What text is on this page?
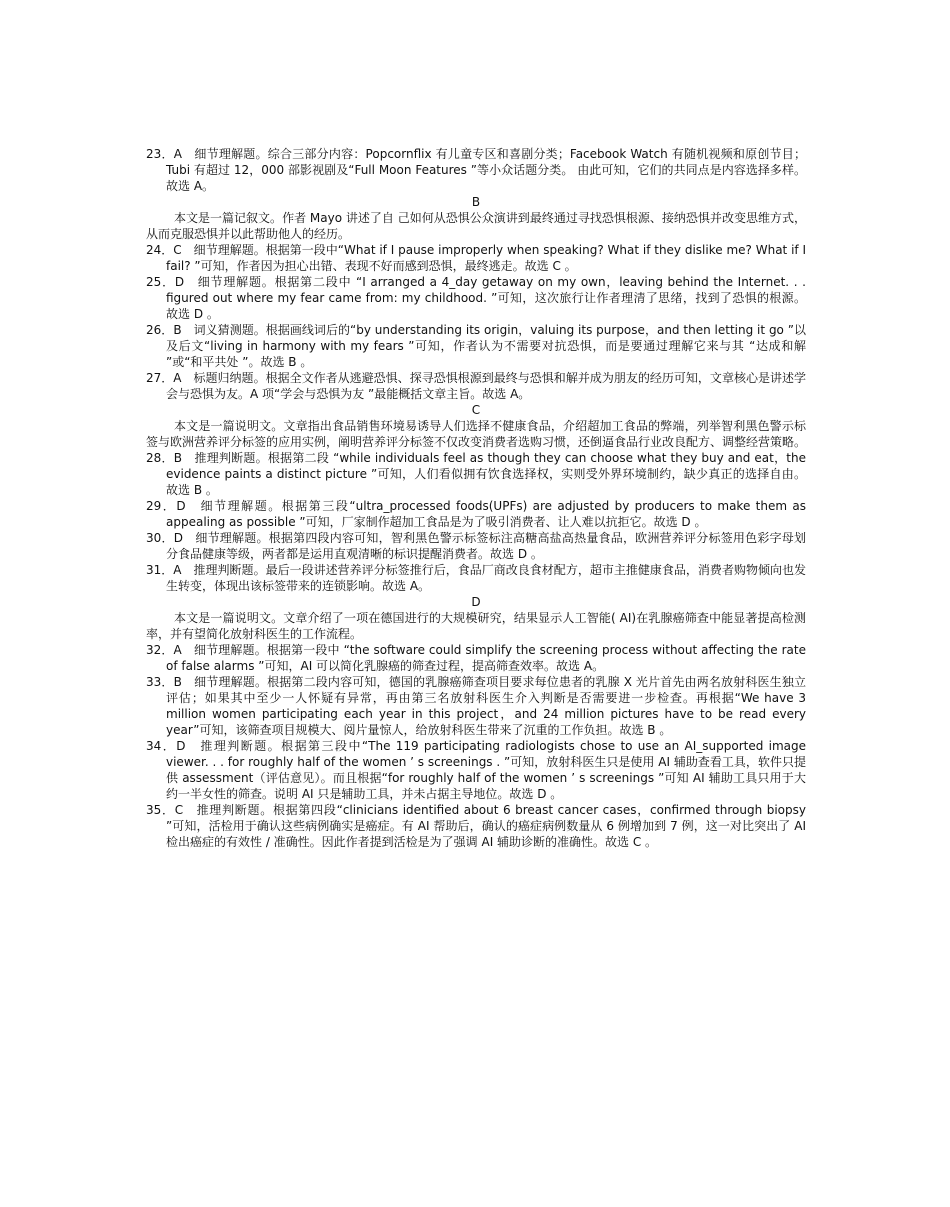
23．A　细节理解题。综合三部分内容：Popcornflix 有儿童专区和喜剧分类；Facebook Watch 有随机视频和原创节目；Tubi 有超过 12，000 部影视剧及“Full Moon Features ”等小众话题分类。 由此可知，它们的共同点是内容选择多样。故选 A。

B

本文是一篇记叙文。作者 Mayo 讲述了自 己如何从恐惧公众演讲到最终通过寻找恐惧根源、接纳恐惧并改变思维方式，从而克服恐惧并以此帮助他人的经历。

24．C　细节理解题。根据第一段中“What if I pause improperly when speaking? What if they dislike me? What if I fail? ”可知，作者因为担心出错、表现不好而感到恐惧，最终逃走。故选 C 。

25．D　细节理解题。根据第二段中 “I arranged a 4_day getaway on my own，leaving behind the Internet. . . figured out where my fear came from: my childhood. ”可知，这次旅行让作者理清了思绪，找到了恐惧的根源。故选 D 。

26．B　词义猜测题。根据画线词后的“by understanding its origin，valuing its purpose，and then letting it go ”以及后文“living in harmony with my fears ”可知，作者认为不需要对抗恐惧，而是要通过理解它来与其 “达成和解 ”或“和平共处 ”。故选 B 。

27．A　标题归纳题。根据全文作者从逃避恐惧、探寻恐惧根源到最终与恐惧和解并成为朋友的经历可知，文章核心是讲述学会与恐惧为友。A 项“学会与恐惧为友 ”最能概括文章主旨。故选 A。

C

本文是一篇说明文。文章指出食品销售环境易诱导人们选择不健康食品，介绍超加工食品的弊端，列举智利黑色警示标签与欧洲营养评分标签的应用实例，阐明营养评分标签不仅改变消费者选购习惯，还倒逼食品行业改良配方、调整经营策略。

28．B　推理判断题。根据第二段 “while individuals feel as though they can choose what they buy and eat，the evidence paints a distinct picture ”可知，人们看似拥有饮食选择权，实则受外界环境制约，缺少真正的选择自由。故选 B 。

29．D　细节理解题。根据第三段“ultra_processed foods(UPFs) are adjusted by producers to make them as appealing as possible ”可知，厂家制作超加工食品是为了吸引消费者、让人难以抗拒它。故选 D 。

30．D　细节理解题。根据第四段内容可知，智利黑色警示标签标注高糖高盐高热量食品，欧洲营养评分标签用色彩字母划分食品健康等级，两者都是运用直观清晰的标识提醒消费者。故选 D 。

31．A　推理判断题。最后一段讲述营养评分标签推行后，食品厂商改良食材配方，超市主推健康食品，消费者购物倾向也发生转变，体现出该标签带来的连锁影响。故选 A。

D

本文是一篇说明文。文章介绍了一项在德国进行的大规模研究，结果显示人工智能( AI)在乳腺癌筛查中能显著提高检测率，并有望简化放射科医生的工作流程。

32．A　细节理解题。根据第一段中 “the software could simplify the screening process without affecting the rate of false alarms ”可知，AI 可以简化乳腺癌的筛查过程，提高筛查效率。故选 A。

33．B　细节理解题。根据第二段内容可知，德国的乳腺癌筛查项目要求每位患者的乳腺 X 光片首先由两名放射科医生独立评估；如果其中至少一人怀疑有异常，再由第三名放射科医生介入判断是否需要进一步检查。再根据“We have 3 million women participating each year in this project，and 24 million pictures have to be read every year”可知，该筛查项目规模大、阅片量惊人，给放射科医生带来了沉重的工作负担。故选 B 。

34．D　推理判断题。根据第三段中“The 119 participating radiologists chose to use an AI_supported image viewer. . . for roughly half of the women ’ s screenings . ”可知，放射科医生只是使用 AI 辅助查看工具，软件只提供 assessment（评估意见）。而且根据“for roughly half of the women ’ s screenings ”可知 AI 辅助工具只用于大约一半女性的筛查。说明 AI 只是辅助工具，并未占据主导地位。故选 D 。

35．C　推理判断题。根据第四段“clinicians identified about 6 breast cancer cases，confirmed through biopsy ”可知，活检用于确认这些病例确实是癌症。有 AI 帮助后，确认的癌症病例数量从 6 例增加到 7 例，这一对比突出了 AI 检出癌症的有效性 / 准确性。因此作者提到活检是为了强调 AI 辅助诊断的准确性。故选 C 。
